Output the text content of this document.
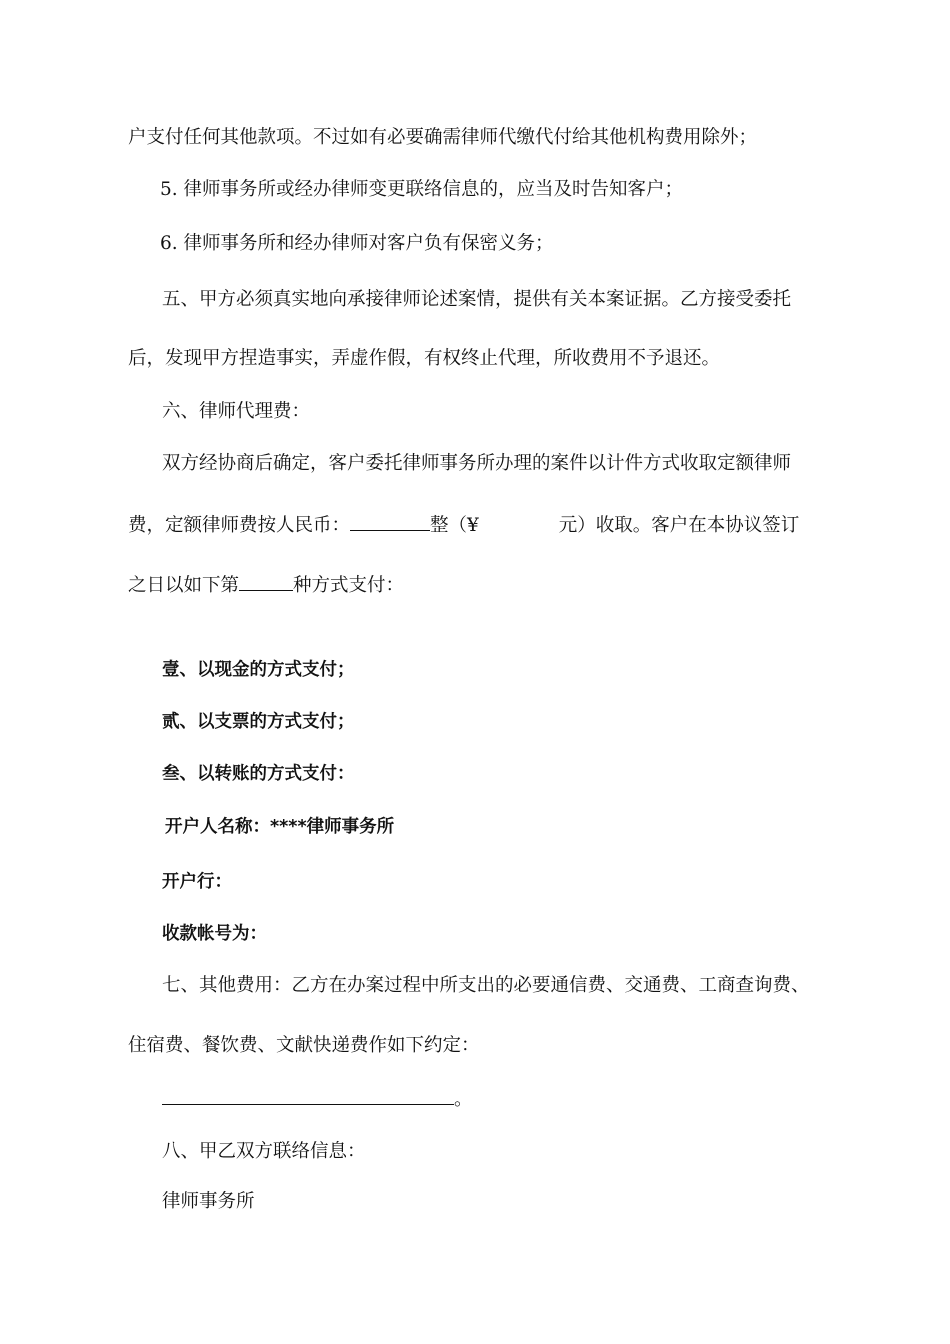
户支付任何其他款项。不过如有必要确需律师代缴代付给其他机构费用除外；
5. 律师事务所或经办律师变更联络信息的，应当及时告知客户；
6. 律师事务所和经办律师对客户负有保密义务；
五、甲方必须真实地向承接律师论述案情，提供有关本案证据。乙方接受委托
后，发现甲方捏造事实，弄虚作假，有权终止代理，所收费用不予退还。
六、律师代理费：
双方经协商后确定，客户委托律师事务所办理的案件以计件方式收取定额律师
费，定额律师费按人民币：	整（¥	元）收取。客户在本协议签订
之日以如下第	种方式支付：
壹、以现金的方式支付；
贰、以支票的方式支付；
叁、以转账的方式支付：
开户人名称：****律师事务所
开户行：
收款帐号为：
七、其他费用：乙方在办案过程中所支出的必要通信费、交通费、工商查询费、
住宿费、餐饮费、文献快递费作如下约定：
。
八、甲乙双方联络信息：
律师事务所
